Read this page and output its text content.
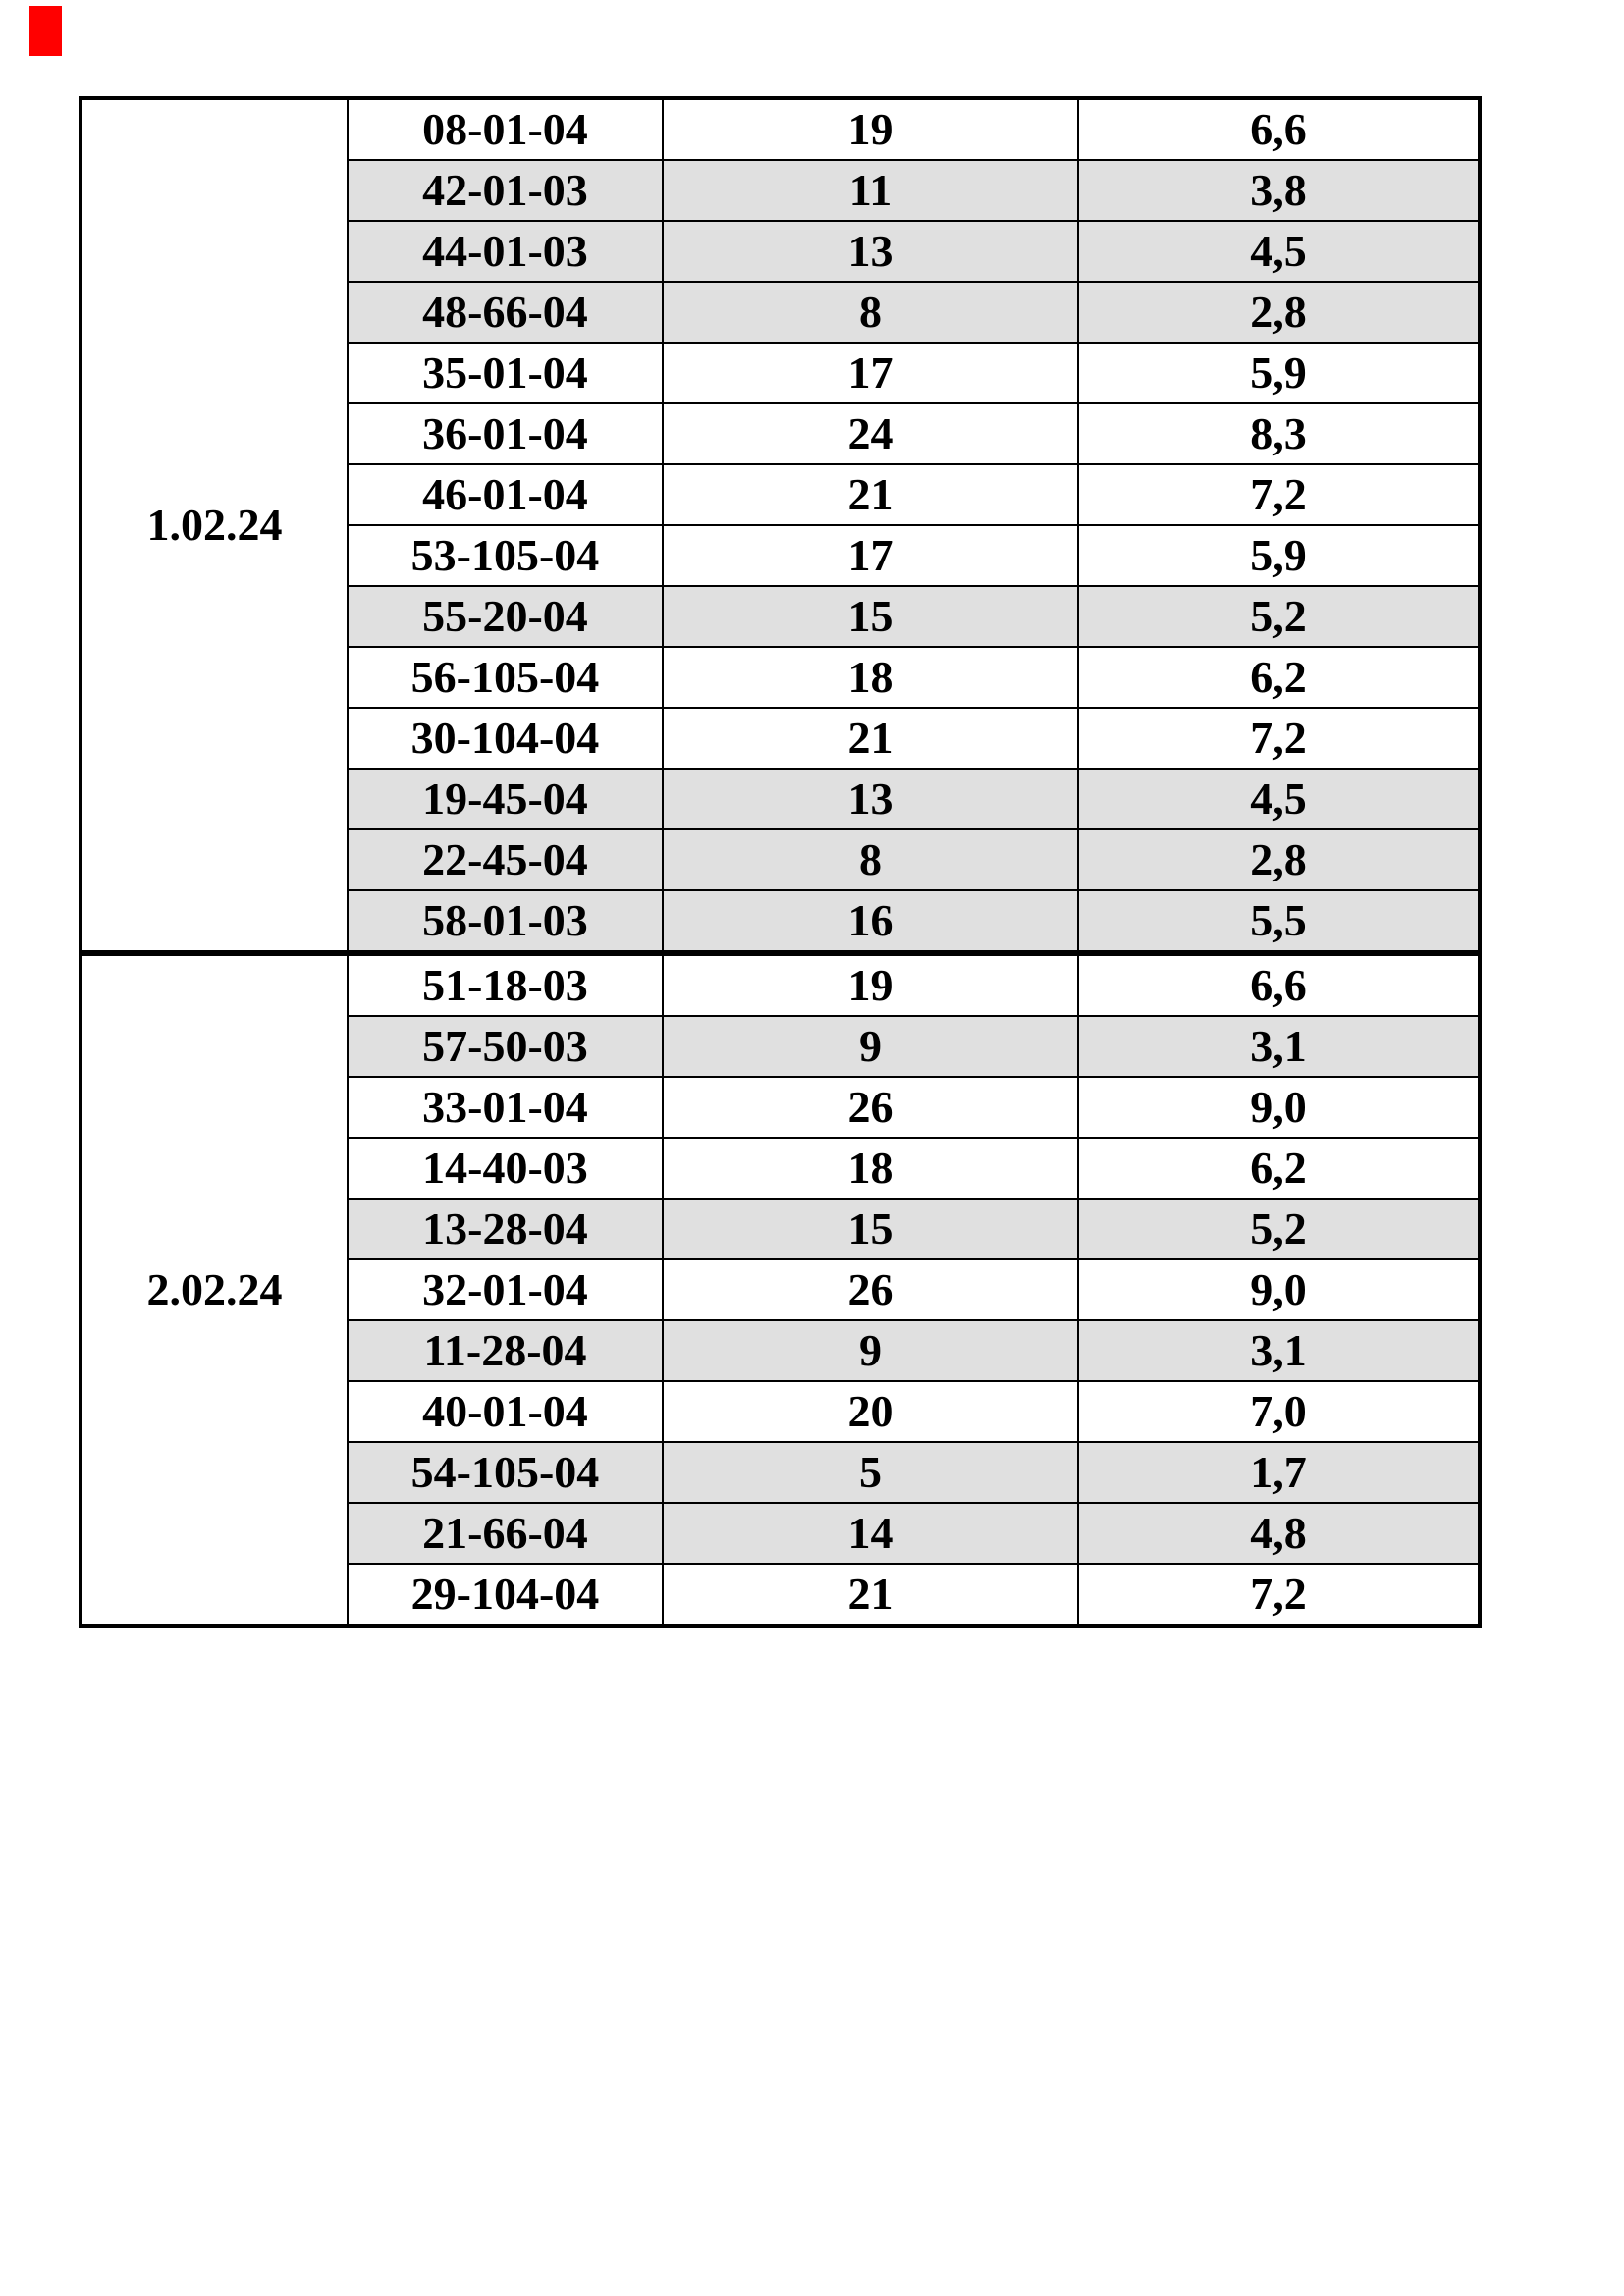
1.02.24	08-01-04	19	6,6
	42-01-03	11	3,8
	44-01-03	13	4,5
	48-66-04	8	2,8
	35-01-04	17	5,9
	36-01-04	24	8,3
	46-01-04	21	7,2
	53-105-04	17	5,9
	55-20-04	15	5,2
	56-105-04	18	6,2
	30-104-04	21	7,2
	19-45-04	13	4,5
	22-45-04	8	2,8
	58-01-03	16	5,5
2.02.24	51-18-03	19	6,6
	57-50-03	9	3,1
	33-01-04	26	9,0
	14-40-03	18	6,2
	13-28-04	15	5,2
	32-01-04	26	9,0
	11-28-04	9	3,1
	40-01-04	20	7,0
	54-105-04	5	1,7
	21-66-04	14	4,8
	29-104-04	21	7,2
